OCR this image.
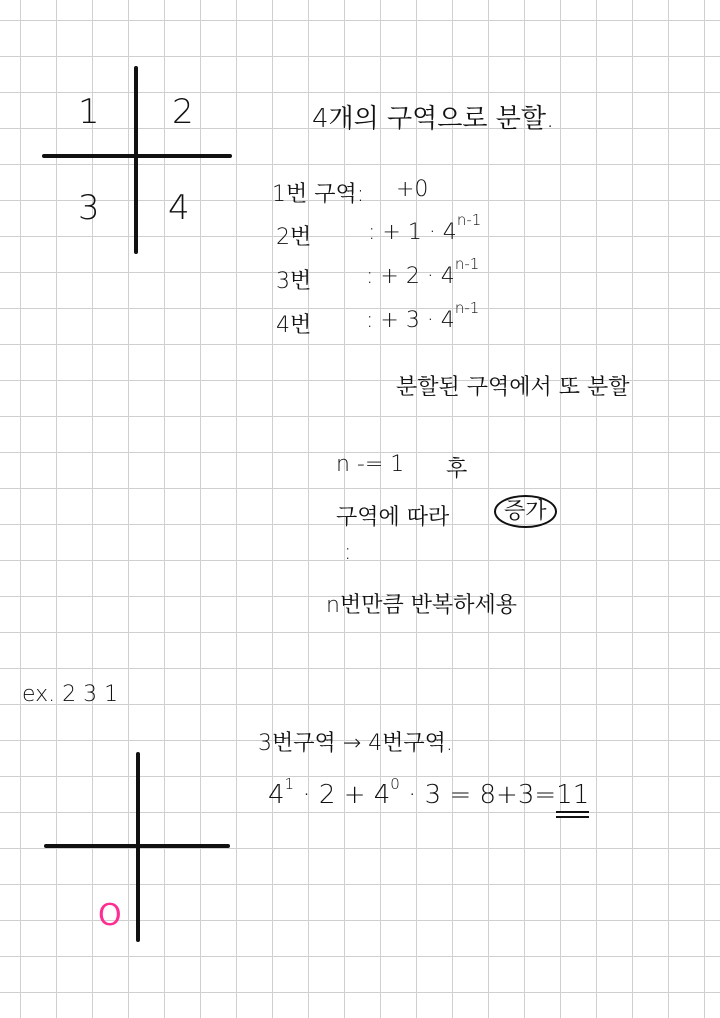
1 2
3 4
4개의 구역으로 분할.
1번 구역: +0
2번	: + $1 \cdot 4^{n-1}$
3번 : + $2 \cdot 4^{n-1}$
4번 : + $3 \cdot 4^{n-1}$
분할된 구역에서 또 분할
n -= 1 후
구역에 따라	증가
:
n번만큼 반복하세용
ex. 2 3 1
3번구역 → 4번구역.
$4^1 \cdot 2 + 4^0 \cdot 3 = 8+3=11$
O
